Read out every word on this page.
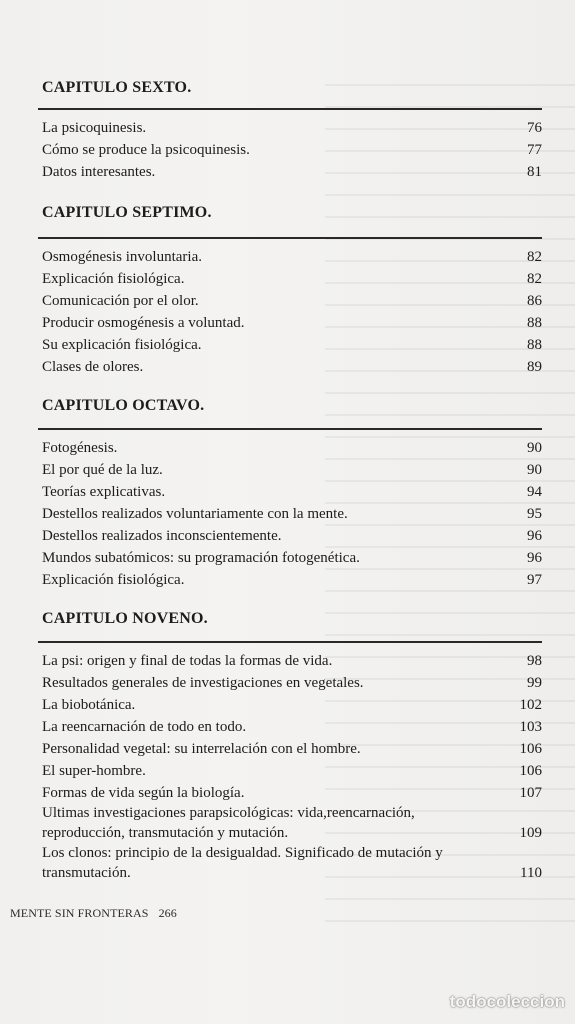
CAPITULO SEXTO.
La psicoquinesis.	76
Cómo se produce la psicoquinesis.	77
Datos interesantes.	81
CAPITULO SEPTIMO.
Osmogénesis involuntaria.	82
Explicación fisiológica.	82
Comunicación por el olor.	86
Producir osmogénesis a voluntad.	88
Su explicación fisiológica.	88
Clases de olores.	89
CAPITULO OCTAVO.
Fotogénesis.	90
El por qué de la luz.	90
Teorías explicativas.	94
Destellos realizados voluntariamente con la mente.	95
Destellos realizados inconscientemente.	96
Mundos subatómicos: su programación fotogenética.	96
Explicación fisiológica.	97
CAPITULO NOVENO.
La psi: origen y final de todas la formas de vida.	98
Resultados generales de investigaciones en vegetales.	99
La biobotánica.	102
La reencarnación de todo en todo.	103
Personalidad vegetal: su interrelación con el hombre.	106
El super-hombre.	106
Formas de vida según la biología.	107
Ultimas investigaciones parapsicológicas: vida,reencarnación, reproducción, transmutación y mutación.	109
Los clonos: principio de la desigualdad. Significado de mutación y transmutación.	110
MENTE SIN FRONTERAS 266
todocoleccion
